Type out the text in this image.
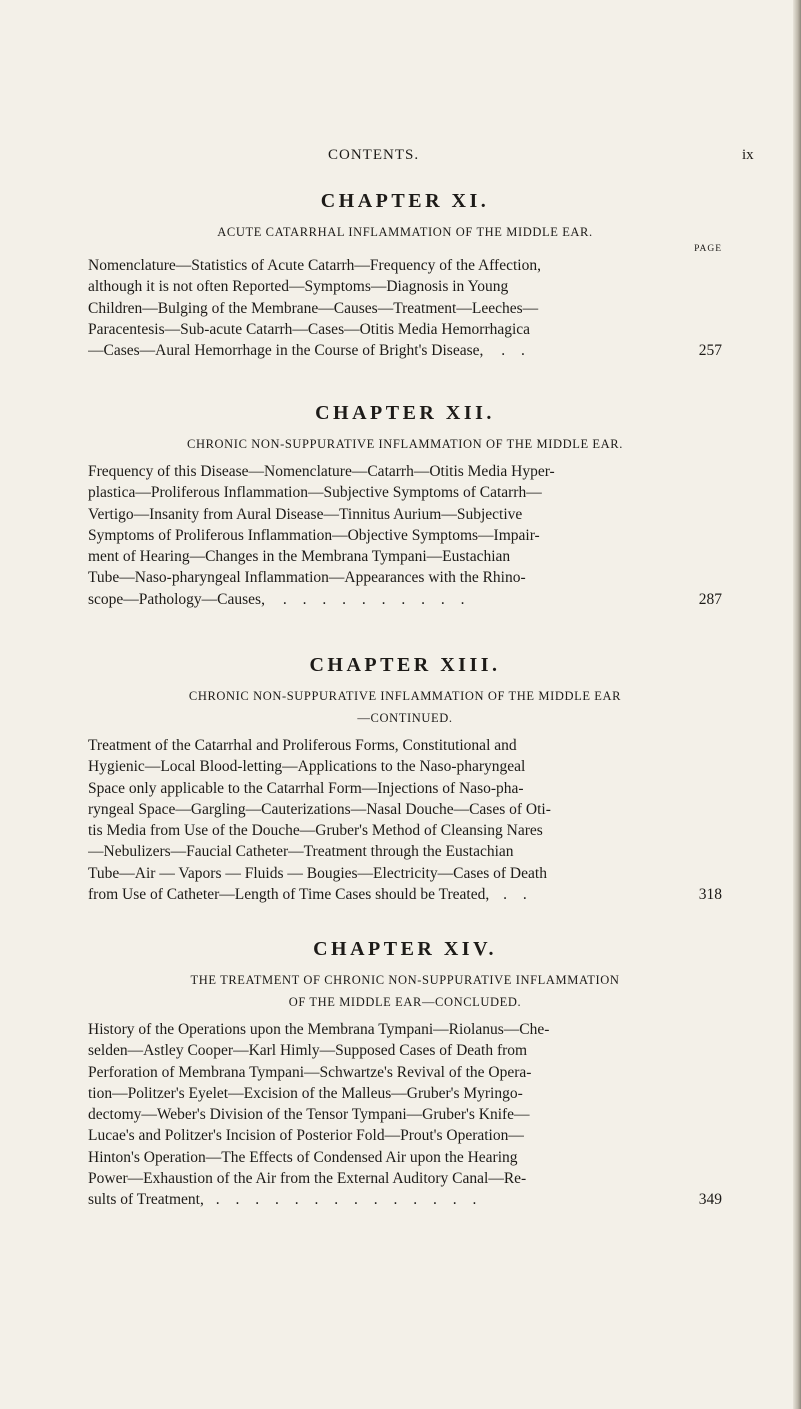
CONTENTS.	ix
CHAPTER XI.

ACUTE CATARRHAL INFLAMMATION OF THE MIDDLE EAR.

PAGE

Nomenclature—Statistics of Acute Catarrh—Frequency of the Affection,
although it is not often Reported—Symptoms—Diagnosis in Young
Children—Bulging of the Membrane—Causes—Treatment—Leeches—
Paracentesis—Sub-acute Catarrh—Cases—Otitis Media Hemorrhagica
—Cases—Aural Hemorrhage in the Course of Bright's Disease, . .	257
CHAPTER XII.

CHRONIC NON-SUPPURATIVE INFLAMMATION OF THE MIDDLE EAR.

Frequency of this Disease—Nomenclature—Catarrh—Otitis Media Hyper-
plastica—Proliferous Inflammation—Subjective Symptoms of Catarrh—
Vertigo—Insanity from Aural Disease—Tinnitus Aurium—Subjective
Symptoms of Proliferous Inflammation—Objective Symptoms—Impair-
ment of Hearing—Changes in the Membrana Tympani—Eustachian
Tube—Naso-pharyngeal Inflammation—Appearances with the Rhino-
scope—Pathology—Causes, . . . . . . . . . .	287
CHAPTER XIII.

CHRONIC NON-SUPPURATIVE INFLAMMATION OF THE MIDDLE EAR
—CONTINUED.

Treatment of the Catarrhal and Proliferous Forms, Constitutional and
Hygienic—Local Blood-letting—Applications to the Naso-pharyngeal
Space only applicable to the Catarrhal Form—Injections of Naso-pha-
ryngeal Space—Gargling—Cauterizations—Nasal Douche—Cases of Oti-
tis Media from Use of the Douche—Gruber's Method of Cleansing Nares
—Nebulizers—Faucial Catheter—Treatment through the Eustachian
Tube—Air — Vapors — Fluids — Bougies—Electricity—Cases of Death
from Use of Catheter—Length of Time Cases should be Treated, . .	318
CHAPTER XIV.

THE TREATMENT OF CHRONIC NON-SUPPURATIVE INFLAMMATION
OF THE MIDDLE EAR—CONCLUDED.

History of the Operations upon the Membrana Tympani—Riolanus—Che-
selden—Astley Cooper—Karl Himly—Supposed Cases of Death from
Perforation of Membrana Tympani—Schwartze's Revival of the Opera-
tion—Politzer's Eyelet—Excision of the Malleus—Gruber's Myringo-
dectomy—Weber's Division of the Tensor Tympani—Gruber's Knife—
Lucae's and Politzer's Incision of Posterior Fold—Prout's Operation—
Hinton's Operation—The Effects of Condensed Air upon the Hearing
Power—Exhaustion of the Air from the External Auditory Canal—Re-
sults of Treatment, . . . . . . . . . . . . . .	349
